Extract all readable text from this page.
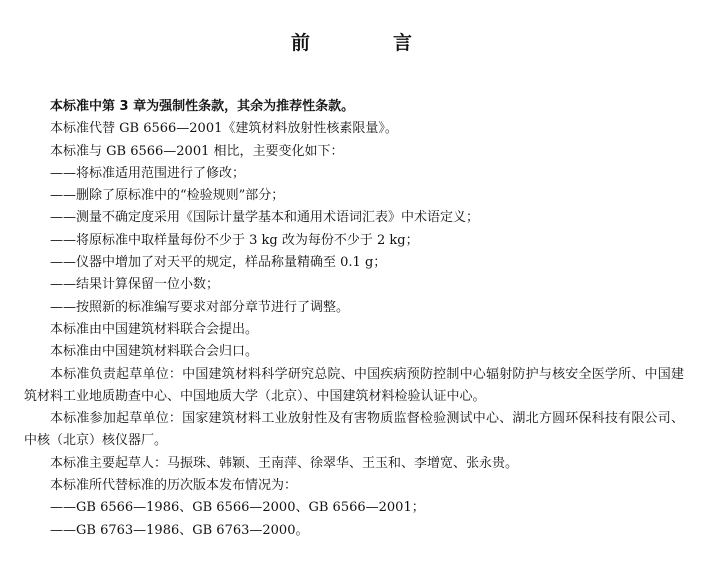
前　言

本标准中第 3 章为强制性条款，其余为推荐性条款。

本标准代替 GB 6566—2001《建筑材料放射性核素限量》。

本标准与 GB 6566—2001 相比，主要变化如下：

——将标准适用范围进行了修改；

——删除了原标准中的“检验规则”部分；

——测量不确定度采用《国际计量学基本和通用术语词汇表》中术语定义；

——将原标准中取样量每份不少于 3 kg 改为每份不少于 2 kg；

——仪器中增加了对天平的规定，样品称量精确至 0.1 g；

——结果计算保留一位小数；

——按照新的标准编写要求对部分章节进行了调整。

本标准由中国建筑材料联合会提出。

本标准由中国建筑材料联合会归口。

本标准负责起草单位：中国建筑材料科学研究总院、中国疾病预防控制中心辐射防护与核安全医学所、中国建筑材料工业地质勘查中心、中国地质大学（北京）、中国建筑材料检验认证中心。

本标准参加起草单位：国家建筑材料工业放射性及有害物质监督检验测试中心、湖北方圆环保科技有限公司、中核（北京）核仪器厂。

本标准主要起草人：马振珠、韩颖、王南萍、徐翠华、王玉和、李增宽、张永贵。

本标准所代替标准的历次版本发布情况为：

——GB 6566—1986、GB 6566—2000、GB 6566—2001；

——GB 6763—1986、GB 6763—2000。
